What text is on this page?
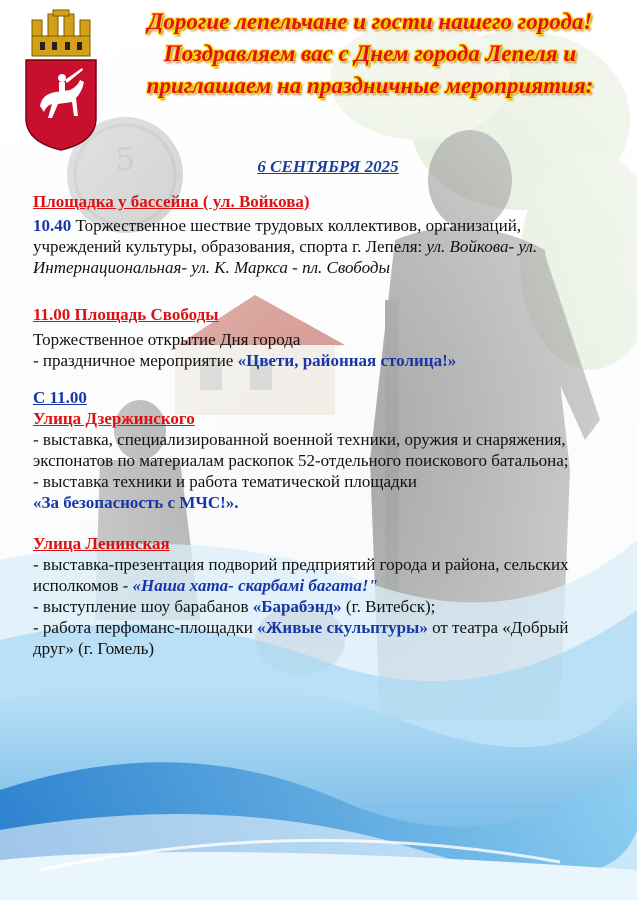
Дорогие лепельчане и гости нашего города!
Поздравляем вас с Днем города Лепеля и
приглашаем на праздничные мероприятия:
6 СЕНТЯБРЯ 2025

Площадка у бассейна ( ул. Войкова)

10.40 Торжественное шествие трудовых коллективов, организаций, учреждений культуры, образования, спорта г. Лепеля: ул. Войкова- ул. Интернациональная- ул. К. Маркса - пл. Свободы

11.00 Площадь Свободы

Торжественное открытие Дня города

- праздничное мероприятие «Цвети, районная столица!»

С 11.00

Улица Дзержинского

- выставка, специализированной военной техники, оружия и снаряжения, экспонатов по материалам раскопок 52-отдельного поискового батальона;

- выставка техники и работа тематической площадки

«За безопасность с МЧС!».

Улица Ленинская

- выставка-презентация подворий предприятий города и района, сельских исполкомов - «Наша хата- скарбамi багата!"

- выступление шоу барабанов «Барабэнд» (г. Витебск);

- работа перфоманс-площадки «Живые скульптуры» от театра «Добрый друг» (г. Гомель)
